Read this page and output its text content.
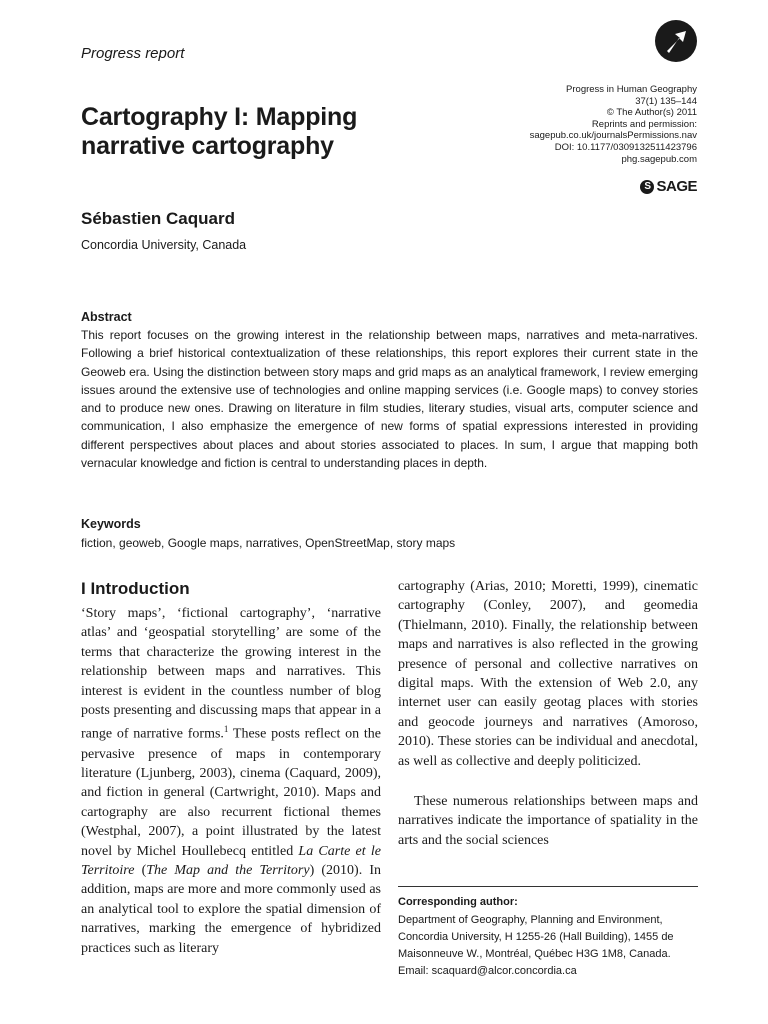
Progress report
Progress in Human Geography
37(1) 135–144
© The Author(s) 2011
Reprints and permission:
sagepub.co.uk/journalsPermissions.nav
DOI: 10.1177/0309132511423796
phg.sagepub.com
S SAGE
Cartography I: Mapping narrative cartography
Sébastien Caquard
Concordia University, Canada
Abstract

This report focuses on the growing interest in the relationship between maps, narratives and meta-narratives. Following a brief historical contextualization of these relationships, this report explores their current state in the Geoweb era. Using the distinction between story maps and grid maps as an analytical framework, I review emerging issues around the extensive use of technologies and online mapping services (i.e. Google maps) to convey stories and to produce new ones. Drawing on literature in film studies, literary studies, visual arts, computer science and communication, I also emphasize the emergence of new forms of spatial expressions interested in providing different perspectives about places and about stories associated to places. In sum, I argue that mapping both vernacular knowledge and fiction is central to understanding places in depth.

Keywords
fiction, geoweb, Google maps, narratives, OpenStreetMap, story maps
I Introduction

‘Story maps’, ‘fictional cartography’, ‘narrative atlas’ and ‘geospatial storytelling’ are some of the terms that characterize the growing interest in the relationship between maps and narratives. This interest is evident in the countless number of blog posts presenting and discussing maps that appear in a range of narrative forms.$^1$ These posts reflect on the pervasive presence of maps in contemporary literature (Ljunberg, 2003), cinema (Caquard, 2009), and fiction in general (Cartwright, 2010). Maps and cartography are also recurrent fictional themes (Westphal, 2007), a point illustrated by the latest novel by Michel Houllebecq entitled La Carte et le Territoire (The Map and the Territory) (2010). In addition, maps are more and more commonly used as an analytical tool to explore the spatial dimension of narratives, marking the emergence of hybridized practices such as literary

cartography (Arias, 2010; Moretti, 1999), cinematic cartography (Conley, 2007), and geomedia (Thielmann, 2010). Finally, the relationship between maps and narratives is also reflected in the growing presence of personal and collective narratives on digital maps. With the extension of Web 2.0, any internet user can easily geotag places with stories and geocode journeys and narratives (Amoroso, 2010). These stories can be individual and anecdotal, as well as collective and deeply politicized.

These numerous relationships between maps and narratives indicate the importance of spatiality in the arts and the social sciences

Corresponding author:
Department of Geography, Planning and Environment,
Concordia University, H 1255-26 (Hall Building), 1455 de
Maisonneuve W., Montréal, Québec H3G 1M8, Canada.
Email: scaquard@alcor.concordia.ca
